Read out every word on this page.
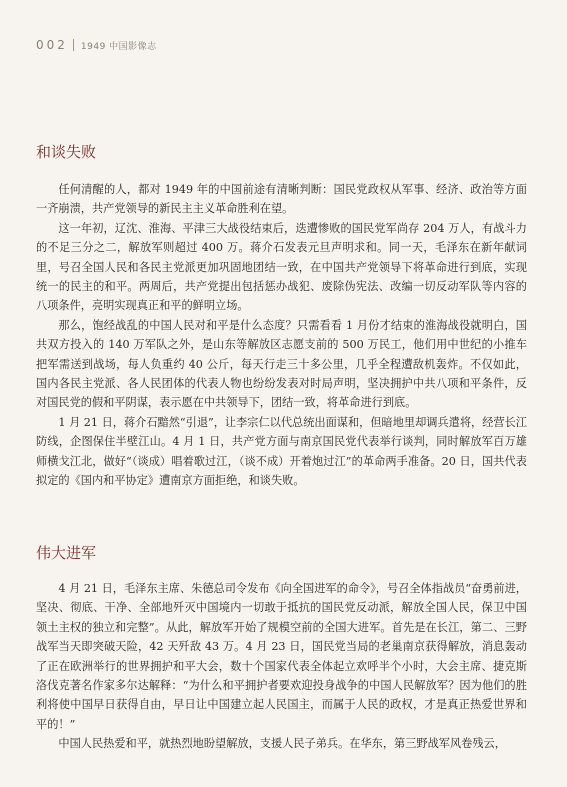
002 1949 中国影像志
和谈失败

任何清醒的人，都对 1949 年的中国前途有清晰判断：国民党政权从军事、经济、政治等方面一齐崩溃，共产党领导的新民主主义革命胜利在望。

这一年初，辽沈、淮海、平津三大战役结束后，迭遭惨败的国民党军尚存 204 万人，有战斗力的不足三分之二，解放军则超过 400 万。蒋介石发表元旦声明求和。同一天，毛泽东在新年献词里，号召全国人民和各民主党派更加巩固地团结一致，在中国共产党领导下将革命进行到底，实现统一的民主的和平。两周后，共产党提出包括惩办战犯、废除伪宪法、改编一切反动军队等内容的八项条件，亮明实现真正和平的鲜明立场。

那么，饱经战乱的中国人民对和平是什么态度？只需看看 1 月份才结束的淮海战役就明白，国共双方投入的 140 万军队之外，是山东等解放区志愿支前的 500 万民工，他们用中世纪的小推车把军需送到战场，每人负重约 40 公斤，每天行走三十多公里，几乎全程遭敌机轰炸。不仅如此，国内各民主党派、各人民团体的代表人物也纷纷发表对时局声明，坚决拥护中共八项和平条件，反对国民党的假和平阴谋，表示愿在中共领导下，团结一致，将革命进行到底。

1 月 21 日，蒋介石黯然“引退”，让李宗仁以代总统出面谋和，但暗地里却调兵遣将，经营长江防线，企图保住半壁江山。4 月 1 日，共产党方面与南京国民党代表举行谈判，同时解放军百万雄师横戈江北，做好“（谈成）唱着歌过江，（谈不成）开着炮过江”的革命两手准备。20 日，国共代表拟定的《国内和平协定》遭南京方面拒绝，和谈失败。

伟大进军

4 月 21 日，毛泽东主席、朱德总司令发布《向全国进军的命令》，号召全体指战员“奋勇前进，坚决、彻底、干净、全部地歼灭中国境内一切敢于抵抗的国民党反动派，解放全国人民，保卫中国领土主权的独立和完整”。从此，解放军开始了规模空前的全国大进军。首先是在长江，第二、三野战军当天即突破天险，42 天歼敌 43 万。4 月 23 日，国民党当局的老巢南京获得解放，消息轰动了正在欧洲举行的世界拥护和平大会，数十个国家代表全体起立欢呼半个小时，大会主席、捷克斯洛伐克著名作家多尔达解释：“为什么和平拥护者要欢迎投身战争的中国人民解放军？因为他们的胜利将使中国早日获得自由，早日让中国建立起人民国主，而属于人民的政权，才是真正热爱世界和平的！”

中国人民热爱和平，就热烈地盼望解放，支援人民子弟兵。在华东，第三野战军风卷残云，
